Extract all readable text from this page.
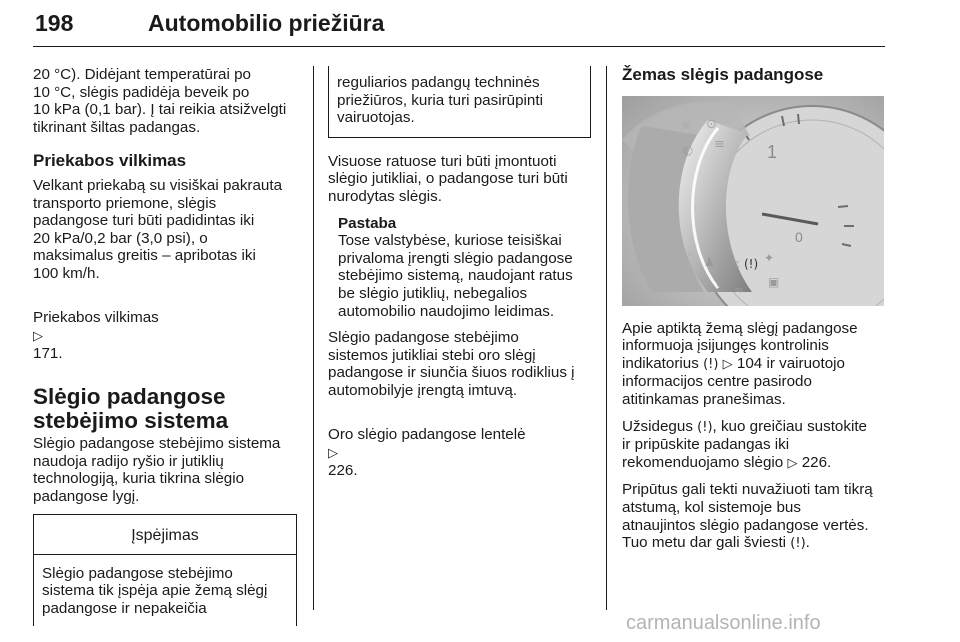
198	Automobilio priežiūra

20 °C). Didėjant temperatūrai po
10 °C, slėgis padidėja beveik po
10 kPa (0,1 bar). Į tai reikia atsižvelgti
tikrinant šiltas padangas.

Priekabos vilkimas

Velkant priekabą su visiškai pakrauta
transporto priemone, slėgis
padangose turi būti padidintas iki
20 kPa/0,2 bar (3,0 psi), o
maksimalus greitis – apribotas iki
100 km/h.

Priekabos vilkimas
▷
171.

Slėgio padangose
stebėjimo sistema

Slėgio padangose stebėjimo sistema
naudoja radijo ryšio ir jutiklių
technologiją, kuria tikrina slėgio
padangose lygį.

Įspėjimas
Slėgio padangose stebėjimo
sistema tik įspėja apie žemą slėgį
padangose ir nepakeičia
reguliarios padangų techninės
priežiūros, kuria turi pasirūpinti
vairuotojas.

Visuose ratuose turi būti įmontuoti
slėgio jutikliai, o padangose turi būti
nurodytas slėgis.

Pastaba
Tose valstybėse, kuriose teisiškai
privaloma įrengti slėgio padangose
stebėjimo sistemą, naudojant ratus
be slėgio jutiklių, nebegalios
automobilio naudojimo leidimas.

Slėgio padangose stebėjimo
sistemos jutikliai stebi oro slėgį
padangose ir siunčia šiuos rodiklius į
automobilyje įrengtą imtuvą.

Oro slėgio padangose lentelė
▷
226.

Žemas slėgis padangose
1
0
☼ ⊙
≡
◐
◦
♟ ⊂ ✦
∴ ≈
▣
(!)

Apie aptiktą žemą slėgį padangose
informuoja įsijungęs kontrolinis
indikatorius (!) ▷ 104 ir vairuotojo
informacijos centre pasirodo
atitinkamas pranešimas.

Užsidegus (!), kuo greičiau sustokite
ir pripūskite padangas iki
rekomenduojamo slėgio ▷ 226.

Pripūtus gali tekti nuvažiuoti tam tikrą
atstumą, kol sistemoje bus
atnaujintos slėgio padangose vertės.
Tuo metu dar gali šviesti (!).

carmanualsonline.info
